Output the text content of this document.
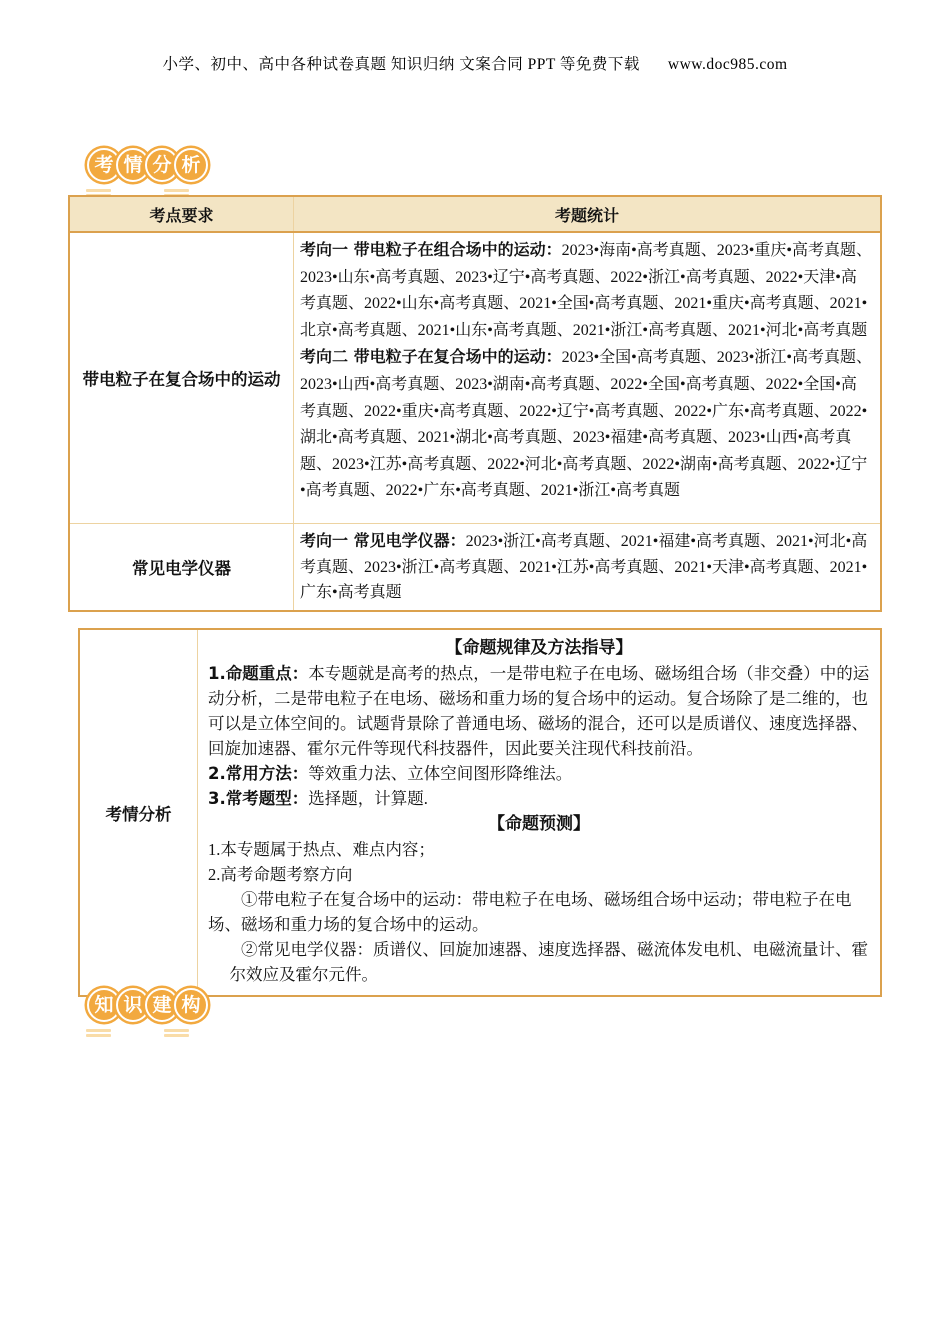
小学、初中、高中各种试卷真题 知识归纳 文案合同 PPT 等免费下载 www.doc985.com
考 情 分 析
考点要求	考题统计
带电粒子在复合场中的运动

考向一 带电粒子在组合场中的运动：2023•海南•高考真题、2023•重庆•高考真题、2023•山东•高考真题、2023•辽宁•高考真题、2022•浙江•高考真题、2022•天津•高考真题、2022•山东•高考真题、2021•全国•高考真题、2021•重庆•高考真题、2021•北京•高考真题、2021•山东•高考真题、2021•浙江•高考真题、2021•河北•高考真题

考向二 带电粒子在复合场中的运动：2023•全国•高考真题、2023•浙江•高考真题、2023•山西•高考真题、2023•湖南•高考真题、2022•全国•高考真题、2022•全国•高考真题、2022•重庆•高考真题、2022•辽宁•高考真题、2022•广东•高考真题、2022•湖北•高考真题、2021•湖北•高考真题、2023•福建•高考真题、2023•山西•高考真题、2023•江苏•高考真题、2022•河北•高考真题、2022•湖南•高考真题、2022•辽宁•高考真题、2022•广东•高考真题、2021•浙江•高考真题

常见电学仪器

考向一 常见电学仪器：2023•浙江•高考真题、2021•福建•高考真题、2021•河北•高考真题、2023•浙江•高考真题、2021•江苏•高考真题、2021•天津•高考真题、2021•广东•高考真题

考情分析
【命题规律及方法指导】

1.命题重点：本专题就是高考的热点，一是带电粒子在电场、磁场组合场（非交叠）中的运动分析，二是带电粒子在电场、磁场和重力场的复合场中的运动。复合场除了是二维的，也可以是立体空间的。试题背景除了普通电场、磁场的混合，还可以是质谱仪、速度选择器、回旋加速器、霍尔元件等现代科技器件，因此要关注现代科技前沿。

2.常用方法：等效重力法、立体空间图形降维法。

3.常考题型：选择题，计算题.

【命题预测】

1.本专题属于热点、难点内容；

2.高考命题考察方向

①带电粒子在复合场中的运动：带电粒子在电场、磁场组合场中运动；带电粒子在电场、磁场和重力场的复合场中的运动。

②常见电学仪器：质谱仪、回旋加速器、速度选择器、磁流体发电机、电磁流量计、霍尔效应及霍尔元件。

知 识 建 构
